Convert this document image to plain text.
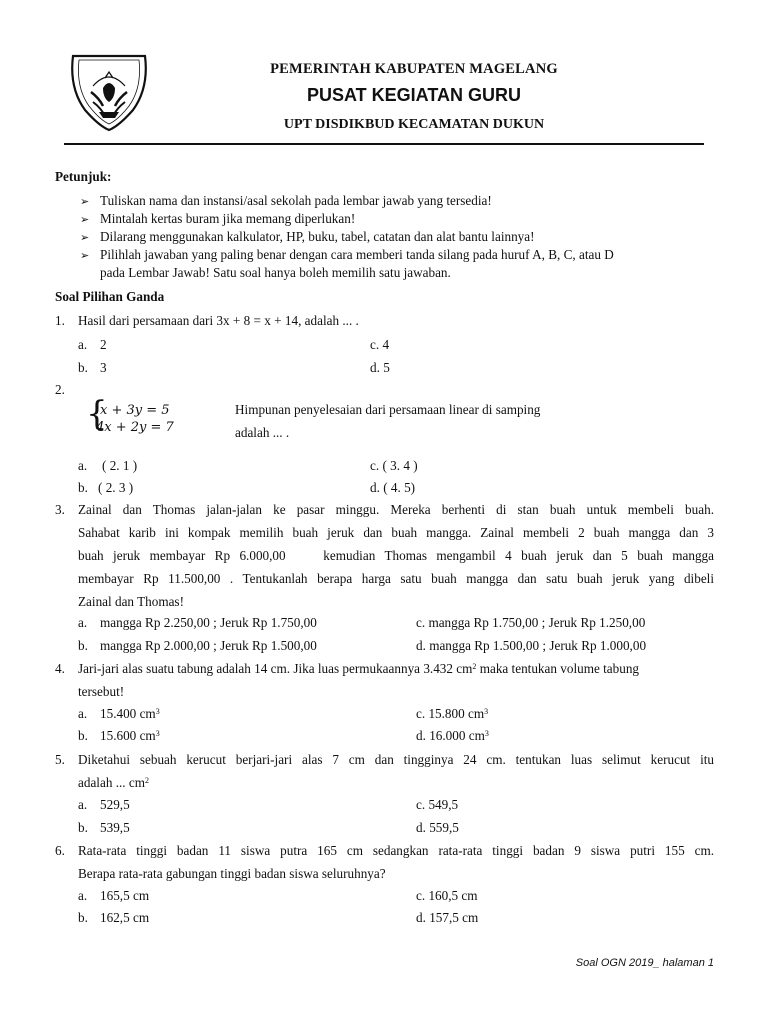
PEMERINTAH KABUPATEN MAGELANG
PUSAT KEGIATAN GURU
UPT DISDIKBUD KECAMATAN DUKUN
Petunjuk:
➢ Tuliskan nama dan instansi/asal sekolah pada lembar jawab yang tersedia!
➢ Mintalah kertas buram jika memang diperlukan!
➢ Dilarang menggunakan kalkulator, HP, buku, tabel, catatan dan alat bantu lainnya!
➢ Pilihlah jawaban yang paling benar dengan cara memberi tanda silang pada huruf A, B, C, atau D
pada Lembar Jawab! Satu soal hanya boleh memilih satu jawaban.
Soal Pilihan Ganda
1. Hasil dari persamaan dari 3x + 8 = x + 14, adalah ... .
a. 2	c. 4
b. 3	d. 5
2.
{
x + 3y = 5
4x + 2y = 7
Himpunan penyelesaian dari persamaan linear di samping
adalah ... .
a. ( 2. 1 )	c. ( 3. 4 )
b. ( 2. 3 )	d. ( 4. 5)
3. Zainal dan Thomas jalan-jalan ke pasar minggu. Mereka berhenti di stan buah untuk membeli buah.
Sahabat karib ini kompak memilih buah jeruk dan buah mangga. Zainal membeli 2 buah mangga dan 3
buah jeruk membayar Rp 6.000,00    kemudian Thomas mengambil 4 buah jeruk dan 5 buah mangga
membayar Rp 11.500,00 . Tentukanlah berapa harga satu buah mangga dan satu buah jeruk yang dibeli
Zainal dan Thomas!
a. mangga Rp 2.250,00 ; Jeruk Rp 1.750,00	c. mangga Rp 1.750,00 ; Jeruk Rp 1.250,00
b. mangga Rp 2.000,00 ; Jeruk Rp 1.500,00	d. mangga Rp 1.500,00 ; Jeruk Rp 1.000,00
4. Jari-jari alas suatu tabung adalah 14 cm. Jika luas permukaannya 3.432 $cm^2$ maka tentukan volume tabung
tersebut!
a. 15.400 $cm^3$	c. 15.800 $cm^3$
b. 15.600 $cm^3$	d. 16.000 $cm^3$
5. Diketahui sebuah kerucut berjari-jari alas 7 cm dan tingginya 24 cm. tentukan luas selimut kerucut itu
adalah ... $cm^2$
a. 529,5	c. 549,5
b. 539,5	d. 559,5
6. Rata-rata tinggi badan 11 siswa putra 165 cm sedangkan rata-rata tinggi badan 9 siswa putri 155 cm.
Berapa rata-rata gabungan tinggi badan siswa seluruhnya?
a. 165,5 cm	c. 160,5 cm
b. 162,5 cm	d. 157,5 cm
Soal OGN 2019_ halaman 1
